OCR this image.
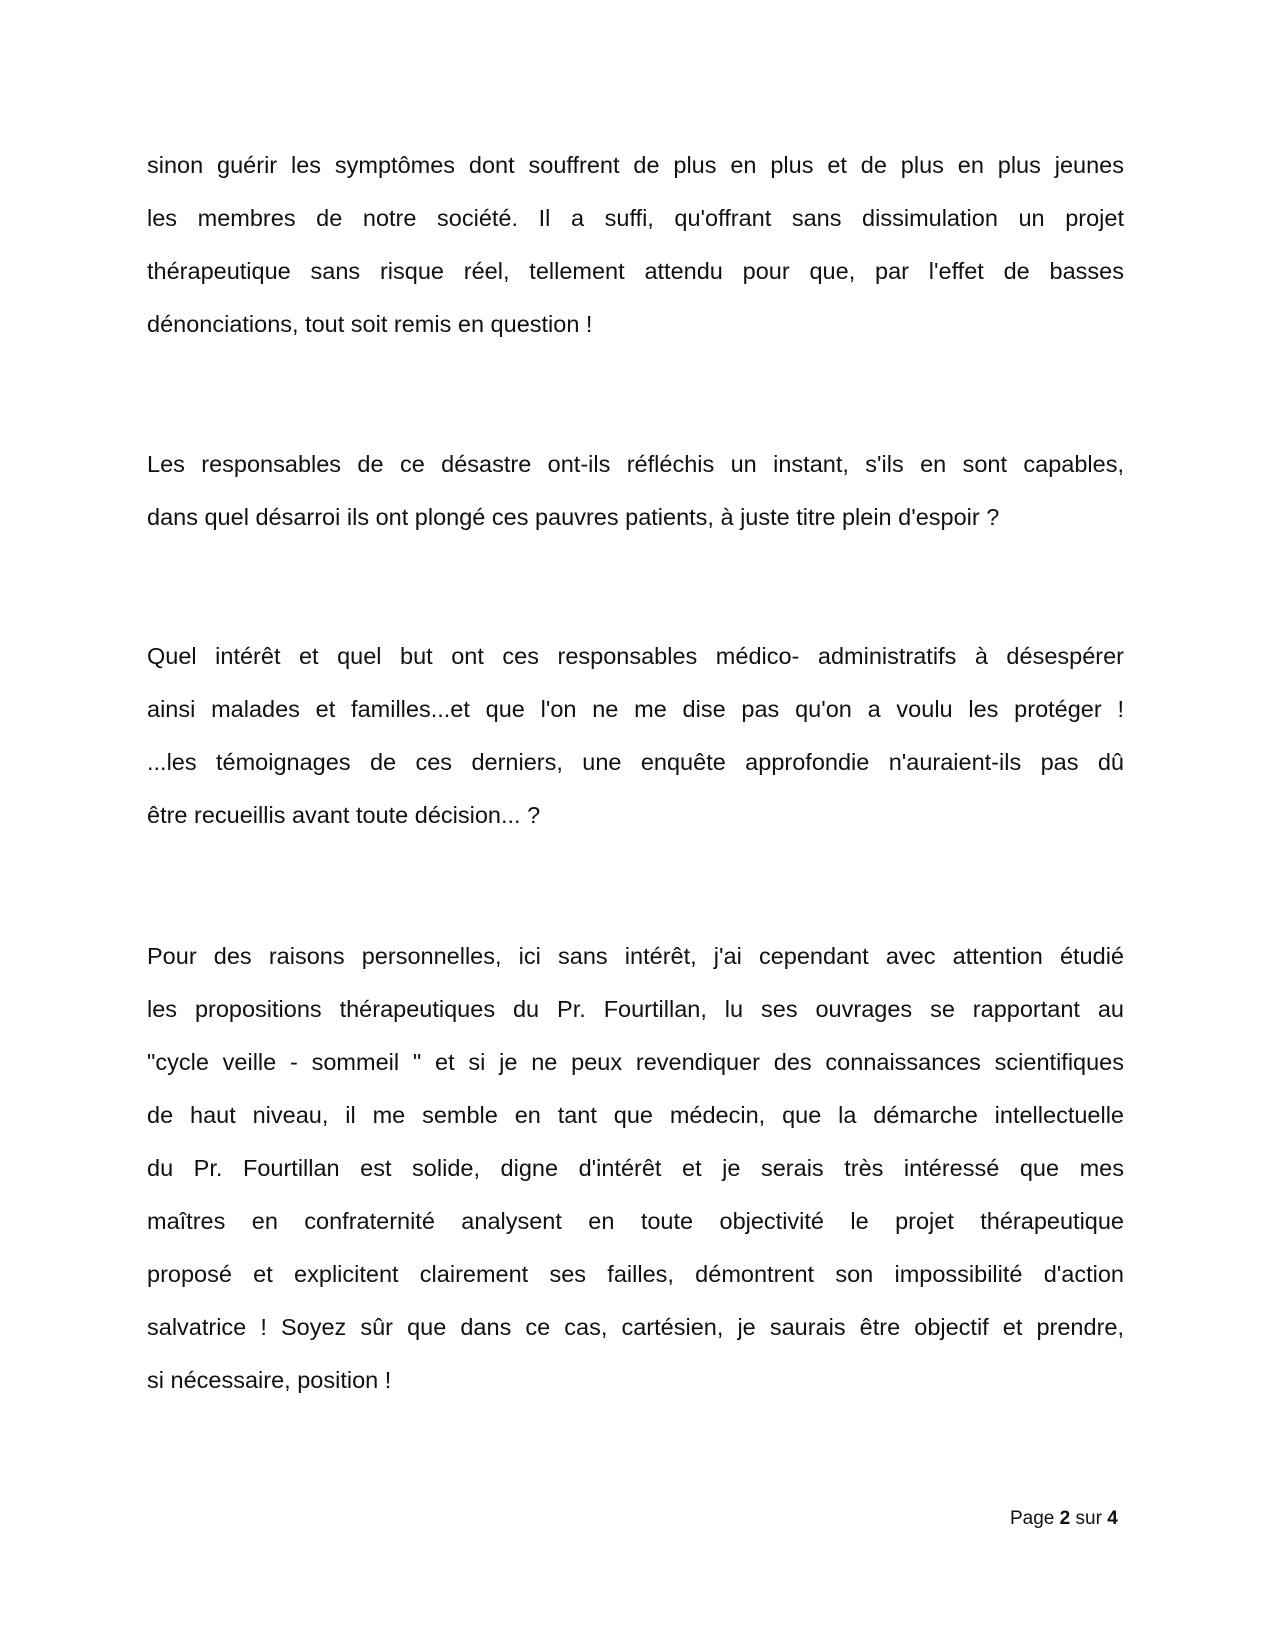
sinon guérir les symptômes dont souffrent de plus en plus et de plus en plus jeunes
les membres de notre société. Il a suffi, qu'offrant sans dissimulation un projet
thérapeutique sans risque réel, tellement attendu pour que, par l'effet de basses
dénonciations, tout soit remis en question !

Les responsables de ce désastre ont-ils réfléchis un instant, s'ils en sont capables,
dans quel désarroi ils ont plongé ces pauvres patients, à juste titre plein d'espoir ?

Quel intérêt et quel but ont ces responsables médico- administratifs à désespérer
ainsi malades et familles...et que l'on ne me dise pas qu'on a voulu les protéger !
...les témoignages de ces derniers, une enquête approfondie n'auraient-ils pas dû
être recueillis avant toute décision... ?

Pour des raisons personnelles, ici sans intérêt, j'ai cependant avec attention étudié
les propositions thérapeutiques du Pr. Fourtillan, lu ses ouvrages se rapportant au
"cycle veille - sommeil " et si je ne peux revendiquer des connaissances scientifiques
de haut niveau, il me semble en tant que médecin, que la démarche intellectuelle
du Pr. Fourtillan est solide, digne d'intérêt et je serais très intéressé que mes
maîtres en confraternité analysent en toute objectivité le projet thérapeutique
proposé et explicitent clairement ses failles, démontrent son impossibilité d'action
salvatrice ! Soyez sûr que dans ce cas, cartésien, je saurais être objectif et prendre,
si nécessaire, position !

Page 2 sur 4
